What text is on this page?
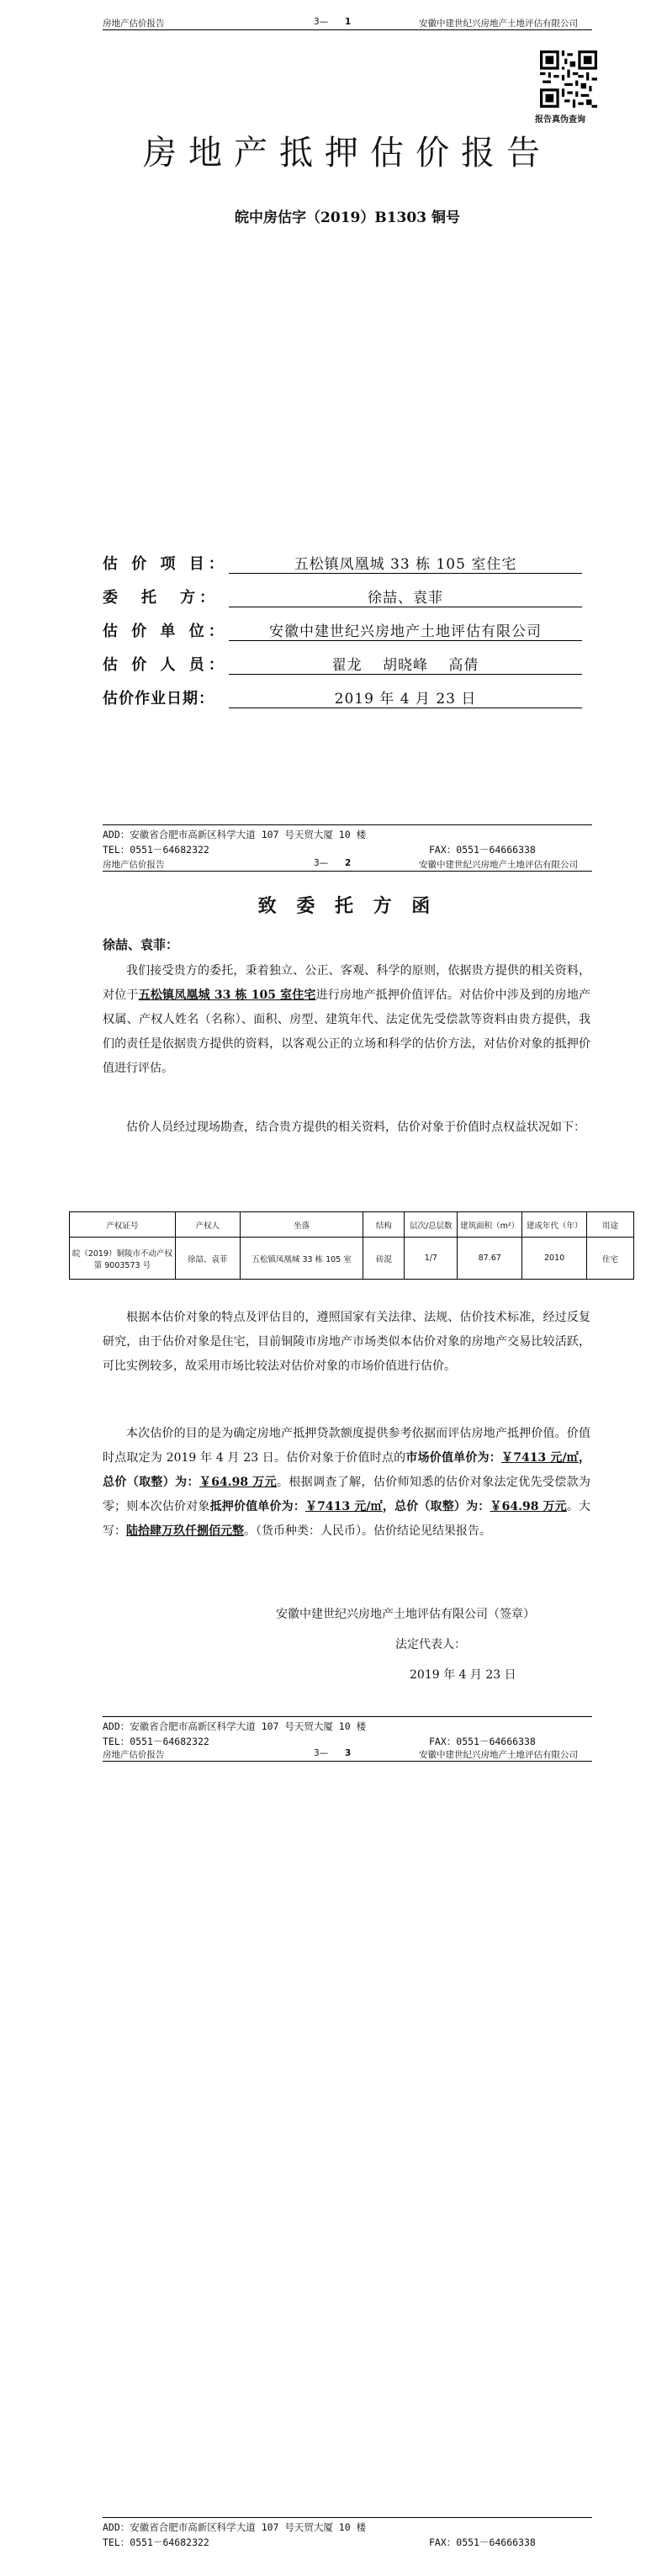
房地产估价报告	3— 1	安徽中建世纪兴房地产土地评估有限公司
报告真伪查询
房地产抵押估价报告
皖中房估字（2019）B1303 铜号
估 价 项 目：	五松镇凤凰城 33 栋 105 室住宅
委　托　方：	徐喆、袁菲
估 价 单 位：	安徽中建世纪兴房地产土地评估有限公司
估 价 人 员：	翟龙　 胡晓峰　 高倩
估价作业日期：	2019 年 4 月 23 日
ADD：安徽省合肥市高新区科学大道 107 号天贸大厦 10 楼
TEL：0551－64682322	FAX：0551－64666338
房地产估价报告	3— 2	安徽中建世纪兴房地产土地评估有限公司
致 委 托 方 函
徐喆、袁菲：
我们接受贵方的委托，秉着独立、公正、客观、科学的原则，依据贵方提供的相关资料，对位于五松镇凤凰城 33 栋 105 室住宅进行房地产抵押价值评估。对估价中涉及到的房地产权属、产权人姓名（名称）、面积、房型、建筑年代、法定优先受偿款等资料由贵方提供，我们的责任是依据贵方提供的资料，以客观公正的立场和科学的估价方法，对估价对象的抵押价值进行评估。
估价人员经过现场勘查，结合贵方提供的相关资料，估价对象于价值时点权益状况如下：
产权证号	产权人	坐落	结构	层次/总层数	建筑面积（m²）	建成年代（年）	用途
皖（2019）铜陵市不动产权第 9003573 号	徐喆、袁菲	五松镇凤凰城 33 栋 105 室	砖混	1/7	87.67	2010	住宅
根据本估价对象的特点及评估目的，遵照国家有关法律、法规、估价技术标准，经过反复研究，由于估价对象是住宅，目前铜陵市房地产市场类似本估价对象的房地产交易比较活跃，可比实例较多，故采用市场比较法对估价对象的市场价值进行估价。
本次估价的目的是为确定房地产抵押贷款额度提供参考依据而评估房地产抵押价值。价值时点取定为 2019 年 4 月 23 日。估价对象于价值时点的市场价值单价为：￥7413 元/㎡，总价（取整）为：￥64.98 万元。根据调查了解，估价师知悉的估价对象法定优先受偿款为零；则本次估价对象抵押价值单价为：￥7413 元/㎡，总价（取整）为：￥64.98 万元。大写：陆拾肆万玖仟捌佰元整。（货币种类：人民币）。估价结论见结果报告。
安徽中建世纪兴房地产土地评估有限公司（签章）
法定代表人：
2019 年 4 月 23 日
ADD：安徽省合肥市高新区科学大道 107 号天贸大厦 10 楼
TEL：0551－64682322	FAX：0551－64666338
房地产估价报告	3— 3	安徽中建世纪兴房地产土地评估有限公司
ADD：安徽省合肥市高新区科学大道 107 号天贸大厦 10 楼
TEL：0551－64682322	FAX：0551－64666338
